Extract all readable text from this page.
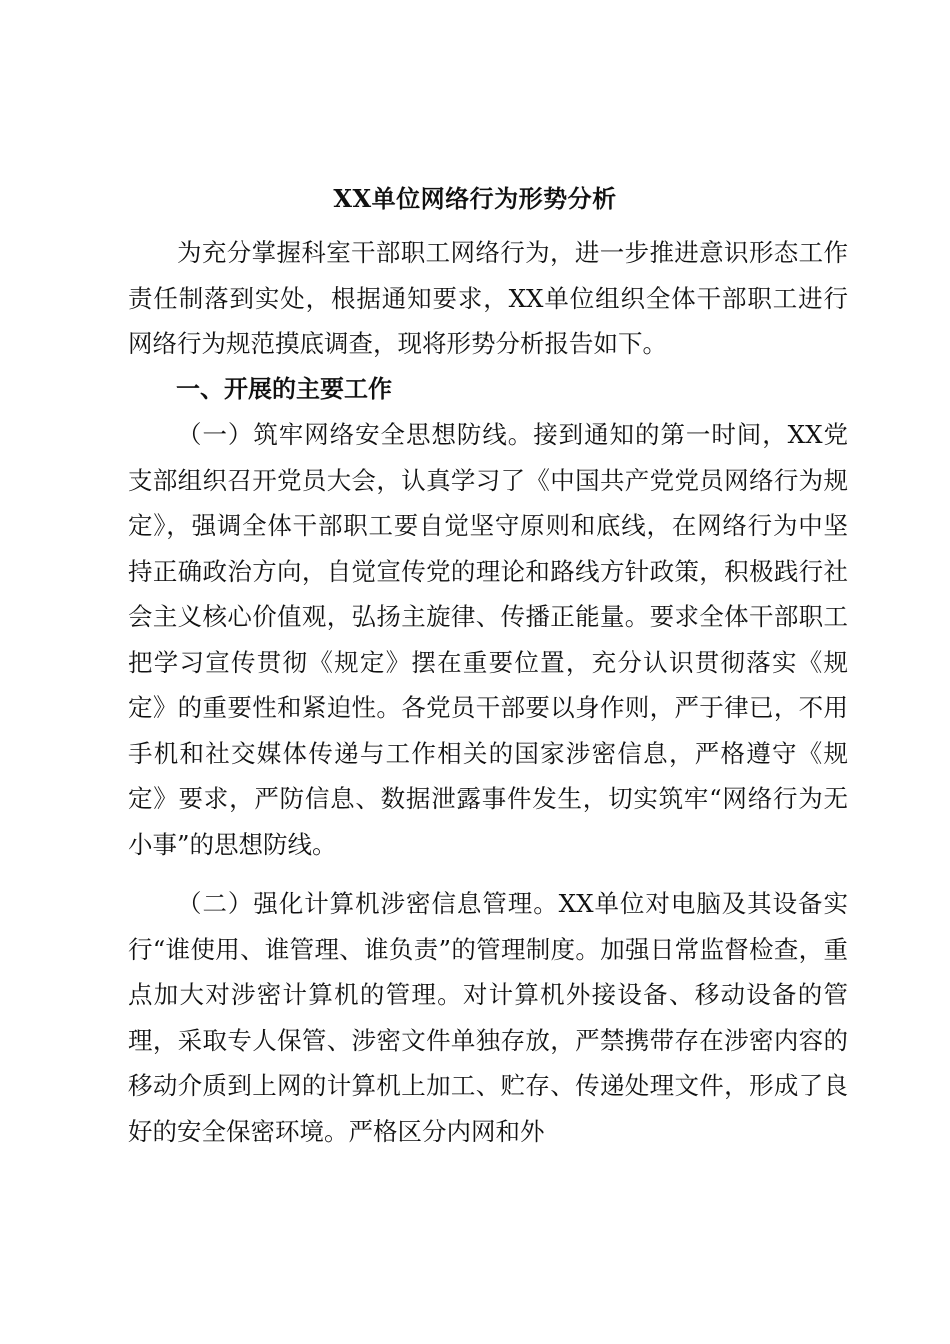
XX单位网络行为形势分析

为充分掌握科室干部职工网络行为，进一步推进意识形态工作责任制落到实处，根据通知要求，XX单位组织全体干部职工进行网络行为规范摸底调查，现将形势分析报告如下。

一、开展的主要工作

（一）筑牢网络安全思想防线。接到通知的第一时间，XX党支部组织召开党员大会，认真学习了《中国共产党党员网络行为规定》，强调全体干部职工要自觉坚守原则和底线，在网络行为中坚持正确政治方向，自觉宣传党的理论和路线方针政策，积极践行社会主义核心价值观，弘扬主旋律、传播正能量。要求全体干部职工把学习宣传贯彻《规定》摆在重要位置，充分认识贯彻落实《规定》的重要性和紧迫性。各党员干部要以身作则，严于律已，不用手机和社交媒体传递与工作相关的国家涉密信息，严格遵守《规定》要求，严防信息、数据泄露事件发生，切实筑牢“网络行为无小事”的思想防线。

（二）强化计算机涉密信息管理。XX单位对电脑及其设备实行“谁使用、谁管理、谁负责”的管理制度。加强日常监督检查，重点加大对涉密计算机的管理。对计算机外接设备、移动设备的管理，采取专人保管、涉密文件单独存放，严禁携带存在涉密内容的移动介质到上网的计算机上加工、贮存、传递处理文件，形成了良好的安全保密环境。严格区分内网和外
